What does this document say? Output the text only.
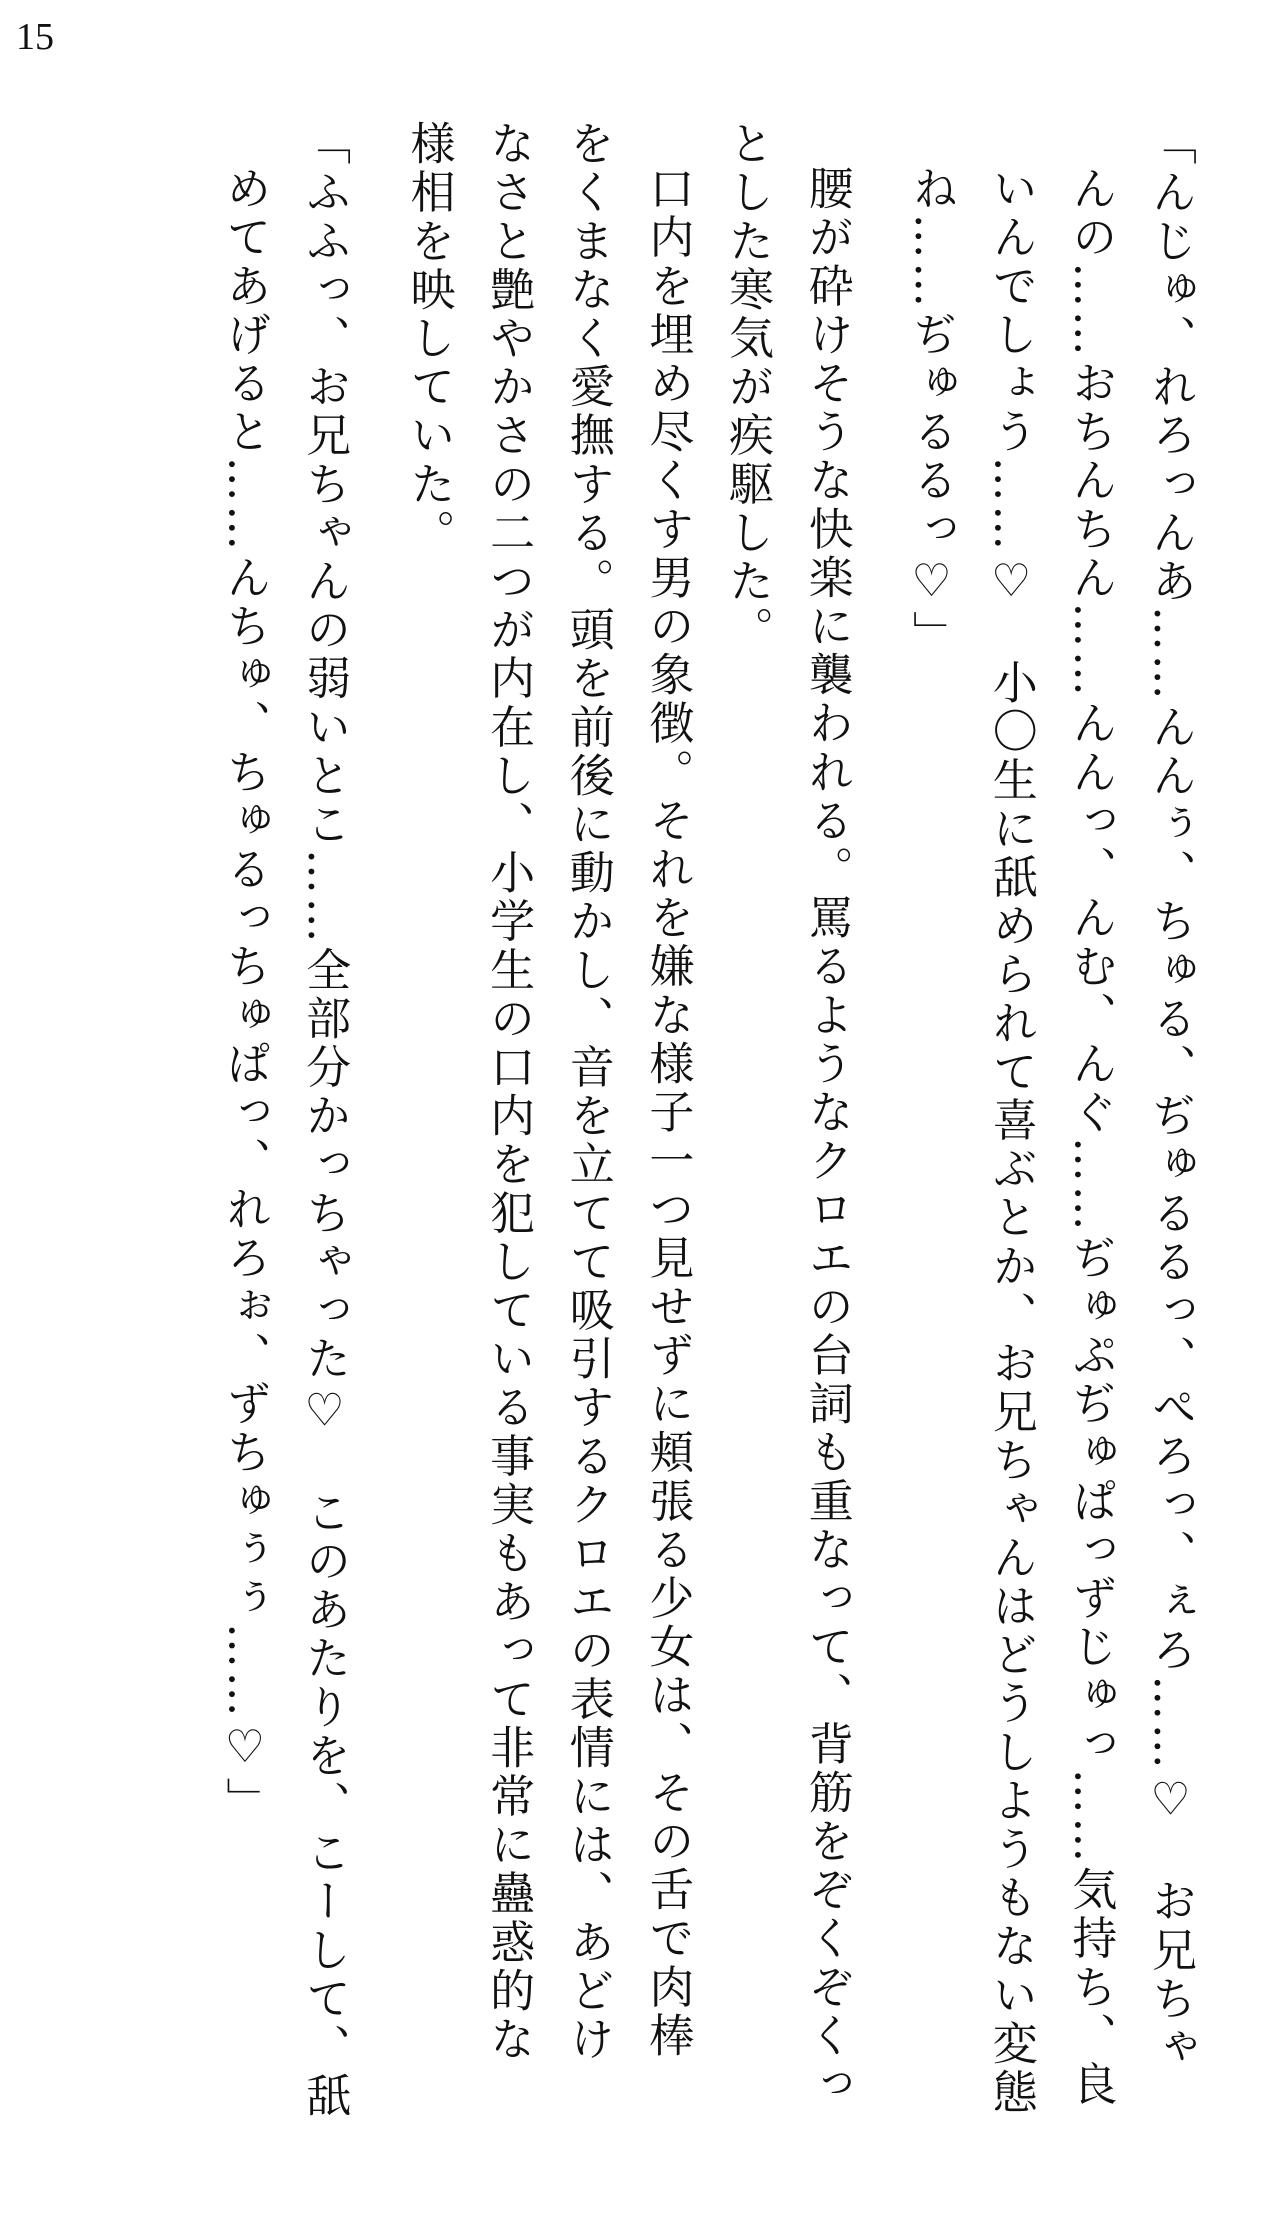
15
「んじゅ、れろっんあ……んんぅ、ちゅる、ぢゅるるっ、ぺろっ、ぇろ……♡　お兄ちゃ
んの……おちんちん……んんっ、んむ、んぐ……ぢゅぷぢゅぱっずじゅっ……気持ち、良
いんでしょう……♡　小〇生に舐められて喜ぶとか、お兄ちゃんはどうしようもない変態
ね……ぢゅるるっ♡」
腰が砕けそうな快楽に襲われる。罵るようなクロエの台詞も重なって、背筋をぞくぞくっ
とした寒気が疾駆した。
口内を埋め尽くす男の象徴。それを嫌な様子一つ見せずに頬張る少女は、その舌で肉棒
をくまなく愛撫する。頭を前後に動かし、音を立てて吸引するクロエの表情には、あどけ
なさと艶やかさの二つが内在し、小学生の口内を犯している事実もあって非常に蠱惑的な
様相を映していた。
「ふふっ、お兄ちゃんの弱いとこ……全部分かっちゃった♡　このあたりを、こーして、舐
めてあげると……んちゅ、ちゅるっちゅぱっ、れろぉ、ずちゅぅぅ……♡」
